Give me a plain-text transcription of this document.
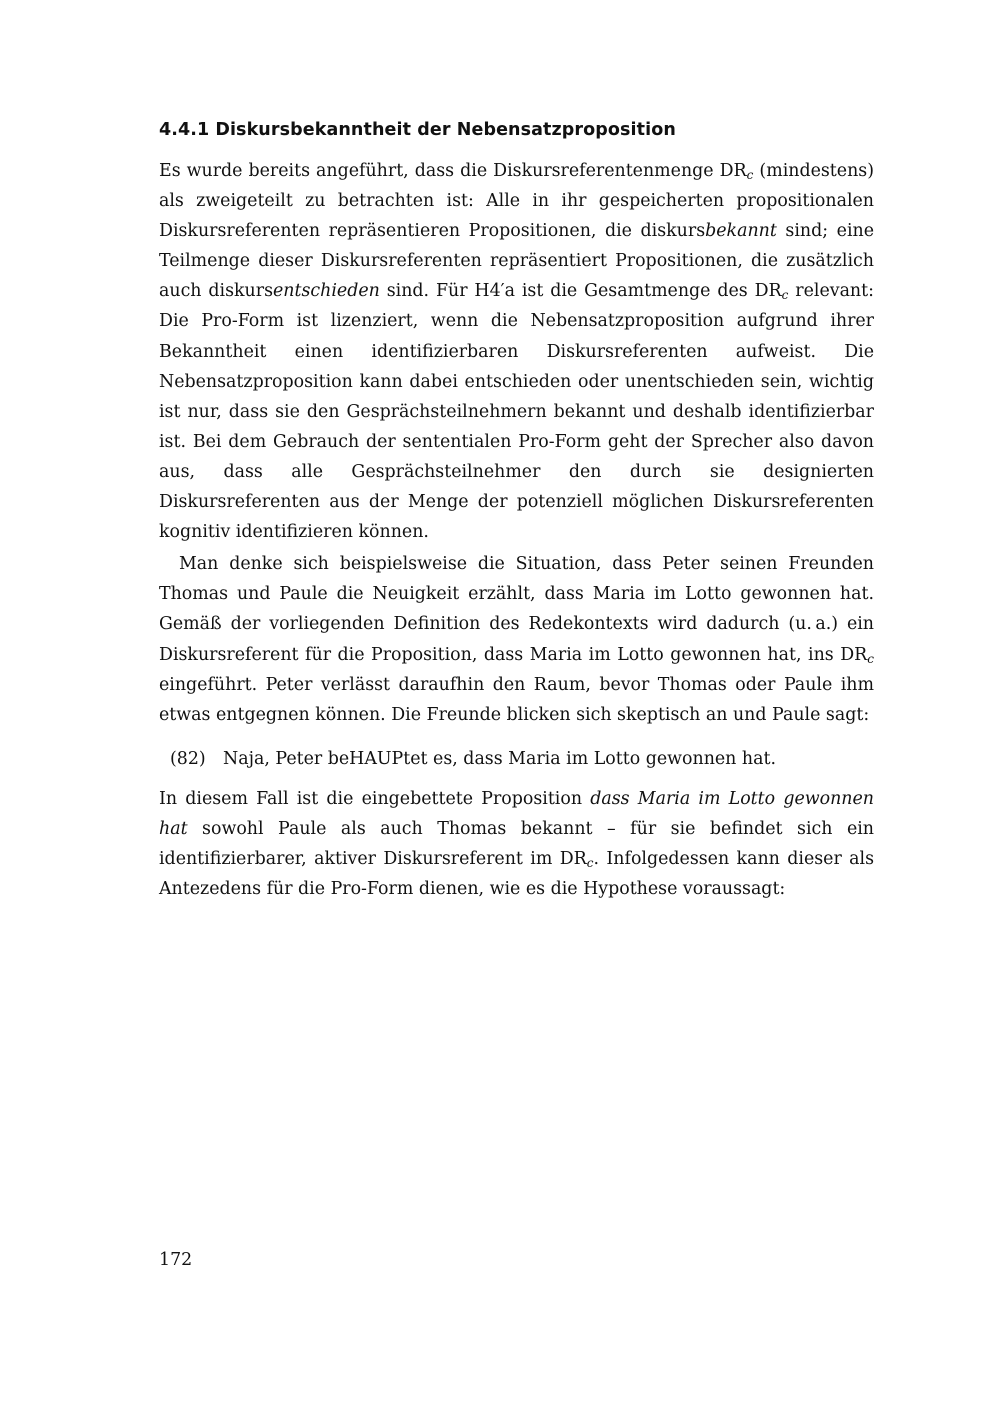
4.4.1 Diskursbekanntheit der Nebensatzproposition

Es wurde bereits angeführt, dass die Diskursreferentenmenge $DR_c$ (mindestens) als zweigeteilt zu betrachten ist: Alle in ihr gespeicherten propositionalen Diskursreferenten repräsentieren Propositionen, die diskursbekannt sind; eine Teilmenge dieser Diskursreferenten repräsentiert Propositionen, die zusätzlich auch diskursentschieden sind. Für H4′a ist die Gesamtmenge des $DR_c$ relevant: Die Pro-Form ist lizenziert, wenn die Nebensatzproposition aufgrund ihrer Bekanntheit einen identifizierbaren Diskursreferenten aufweist. Die Nebensatzproposition kann dabei entschieden oder unentschieden sein, wichtig ist nur, dass sie den Gesprächsteilnehmern bekannt und deshalb identifizierbar ist. Bei dem Gebrauch der sententialen Pro-Form geht der Sprecher also davon aus, dass alle Gesprächsteilnehmer den durch sie designierten Diskursreferenten aus der Menge der potenziell möglichen Diskursreferenten kognitiv identifizieren können.

Man denke sich beispielsweise die Situation, dass Peter seinen Freunden Thomas und Paule die Neuigkeit erzählt, dass Maria im Lotto gewonnen hat. Gemäß der vorliegenden Definition des Redekontexts wird dadurch (u. a.) ein Diskursreferent für die Proposition, dass Maria im Lotto gewonnen hat, ins $DR_c$ eingeführt. Peter verlässt daraufhin den Raum, bevor Thomas oder Paule ihm etwas entgegnen können. Die Freunde blicken sich skeptisch an und Paule sagt:

(82) Naja, Peter beHAUPtet es, dass Maria im Lotto gewonnen hat.

In diesem Fall ist die eingebettete Proposition dass Maria im Lotto gewonnen hat sowohl Paule als auch Thomas bekannt – für sie befindet sich ein identifizierbarer, aktiver Diskursreferent im $DR_c$. Infolgedessen kann dieser als Antezedens für die Pro-Form dienen, wie es die Hypothese voraussagt:

172
